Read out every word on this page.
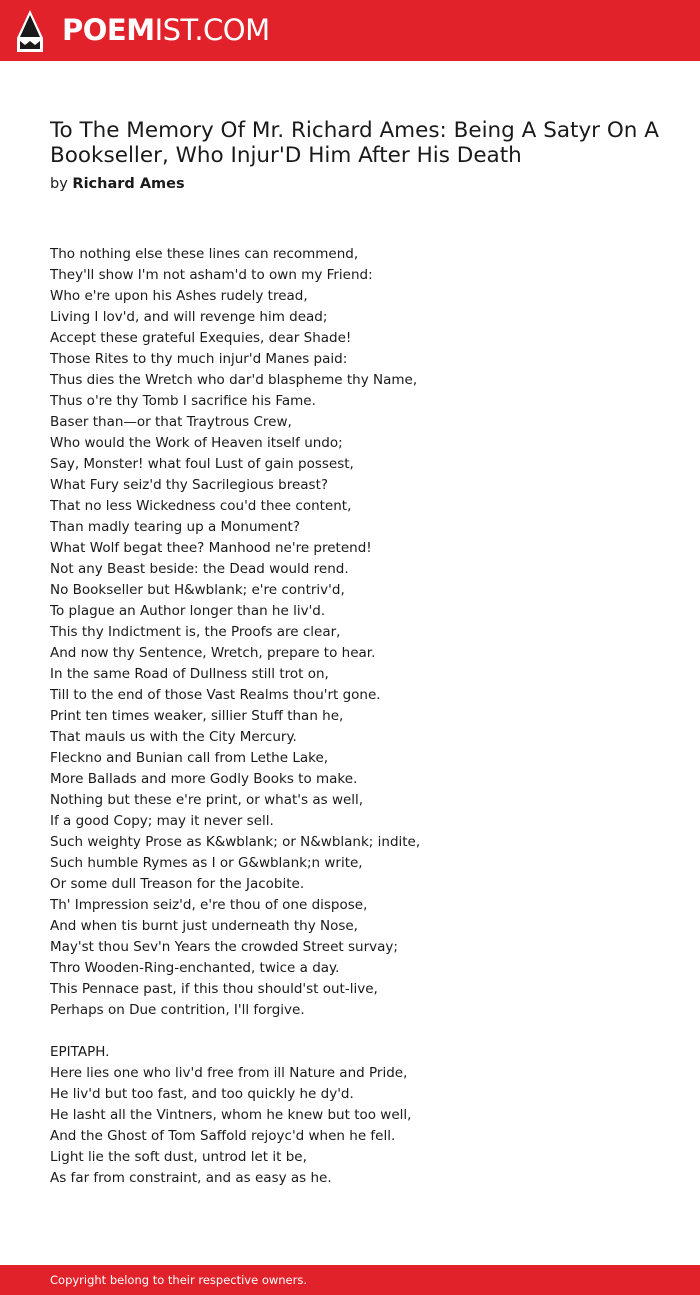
POEMIST.COM
To The Memory Of Mr. Richard Ames: Being A Satyr On A Bookseller, Who Injur'D Him After His Death
by Richard Ames
Tho nothing else these lines can recommend,
They'll show I'm not asham'd to own my Friend:
Who e're upon his Ashes rudely tread,
Living I lov'd, and will revenge him dead;
Accept these grateful Exequies, dear Shade!
Those Rites to thy much injur'd Manes paid:
Thus dies the Wretch who dar'd blaspheme thy Name,
Thus o're thy Tomb I sacrifice his Fame.
Baser than—or that Traytrous Crew,
Who would the Work of Heaven itself undo;
Say, Monster! what foul Lust of gain possest,
What Fury seiz'd thy Sacrilegious breast?
That no less Wickedness cou'd thee content,
Than madly tearing up a Monument?
What Wolf begat thee? Manhood ne're pretend!
Not any Beast beside: the Dead would rend.
No Bookseller but H&wblank; e're contriv'd,
To plague an Author longer than he liv'd.
This thy Indictment is, the Proofs are clear,
And now thy Sentence, Wretch, prepare to hear.
In the same Road of Dullness still trot on,
Till to the end of those Vast Realms thou'rt gone.
Print ten times weaker, sillier Stuff than he,
That mauls us with the City Mercury.
Fleckno and Bunian call from Lethe Lake,
More Ballads and more Godly Books to make.
Nothing but these e're print, or what's as well,
If a good Copy; may it never sell.
Such weighty Prose as K&wblank; or N&wblank; indite,
Such humble Rymes as I or G&wblank;n write,
Or some dull Treason for the Jacobite.
Th' Impression seiz'd, e're thou of one dispose,
And when tis burnt just underneath thy Nose,
May'st thou Sev'n Years the crowded Street survay;
Thro Wooden-Ring-enchanted, twice a day.
This Pennace past, if this thou should'st out-live,
Perhaps on Due contrition, I'll forgive.
EPITAPH.
Here lies one who liv'd free from ill Nature and Pride,
He liv'd but too fast, and too quickly he dy'd.
He lasht all the Vintners, whom he knew but too well,
And the Ghost of Tom Saffold rejoyc'd when he fell.
Light lie the soft dust, untrod let it be,
As far from constraint, and as easy as he.
Copyright belong to their respective owners.
